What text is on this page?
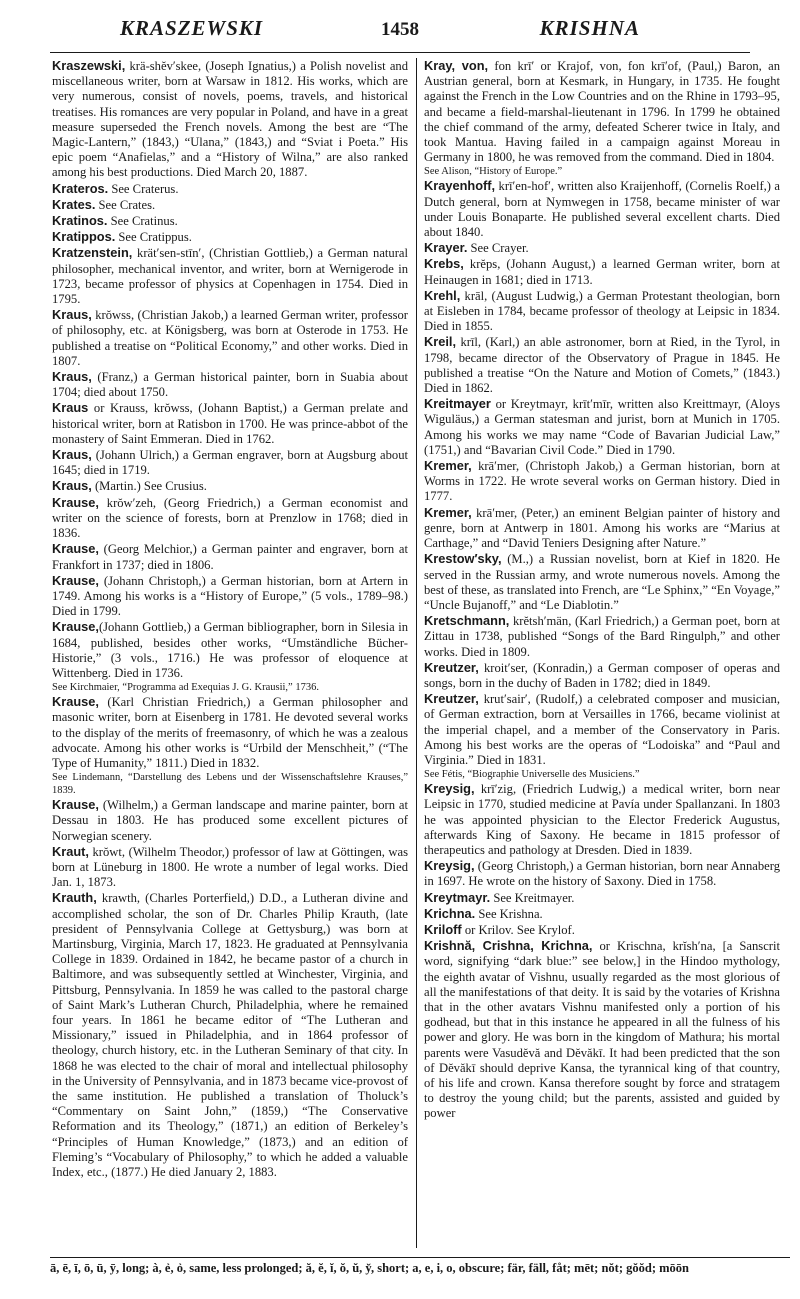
KRASZEWSKI	1458	KRISHNA

Kraszewski, krä-shĕv′skee, (Joseph Ignatius,) a Polish novelist and miscellaneous writer, born at Warsaw in 1812. His works, which are very numerous, consist of novels, poems, travels, and historical treatises. His romances are very popular in Poland, and have in a great measure superseded the French novels. Among the best are “The Magic-Lantern,” (1843,) “Ulana,” (1843,) and “Sviat i Poeta.” His epic poem “Anafielas,” and a “History of Wilna,” are also ranked among his best productions. Died March 20, 1887.

Krateros. See Craterus.

Krates. See Crates.

Kratinos. See Cratinus.

Kratippos. See Cratippus.

Kratzenstein, krät′sen-stīn′, (Christian Gottlieb,) a German natural philosopher, mechanical inventor, and writer, born at Wernigerode in 1723, became professor of physics at Copenhagen in 1754. Died in 1795.

Kraus, krŏwss, (Christian Jakob,) a learned German writer, professor of philosophy, etc. at Königsberg, was born at Osterode in 1753. He published a treatise on “Political Economy,” and other works. Died in 1807.

Kraus, (Franz,) a German historical painter, born in Suabia about 1704; died about 1750.

Kraus or Krauss, krŏwss, (Johann Baptist,) a German prelate and historical writer, born at Ratisbon in 1700. He was prince-abbot of the monastery of Saint Emmeran. Died in 1762.

Kraus, (Johann Ulrich,) a German engraver, born at Augsburg about 1645; died in 1719.

Kraus, (Martin.) See Crusius.

Krause, krŏw′zeh, (Georg Friedrich,) a German economist and writer on the science of forests, born at Prenzlow in 1768; died in 1836.

Krause, (Georg Melchior,) a German painter and engraver, born at Frankfort in 1737; died in 1806.

Krause, (Johann Christoph,) a German historian, born at Artern in 1749. Among his works is a “History of Europe,” (5 vols., 1789–98.) Died in 1799.

Krause,(Johann Gottlieb,) a German bibliographer, born in Silesia in 1684, published, besides other works, “Umständliche Bücher-Historie,” (3 vols., 1716.) He was professor of eloquence at Wittenberg. Died in 1736.

See Kirchmaier, “Programma ad Exequias J. G. Krausii,” 1736.

Krause, (Karl Christian Friedrich,) a German philosopher and masonic writer, born at Eisenberg in 1781. He devoted several works to the display of the merits of freemasonry, of which he was a zealous advocate. Among his other works is “Urbild der Menschheit,” (“The Type of Humanity,” 1811.) Died in 1832.

See Lindemann, “Darstellung des Lebens und der Wissenschaftslehre Krauses,” 1839.

Krause, (Wilhelm,) a German landscape and marine painter, born at Dessau in 1803. He has produced some excellent pictures of Norwegian scenery.

Kraut, krŏwt, (Wilhelm Theodor,) professor of law at Göttingen, was born at Lüneburg in 1800. He wrote a number of legal works. Died Jan. 1, 1873.

Krauth, krawth, (Charles Porterfield,) D.D., a Lutheran divine and accomplished scholar, the son of Dr. Charles Philip Krauth, (late president of Pennsylvania College at Gettysburg,) was born at Martinsburg, Virginia, March 17, 1823. He graduated at Pennsylvania College in 1839. Ordained in 1842, he became pastor of a church in Baltimore, and was subsequently settled at Winchester, Virginia, and Pittsburg, Pennsylvania. In 1859 he was called to the pastoral charge of Saint Mark’s Lutheran Church, Philadelphia, where he remained four years. In 1861 he became editor of “The Lutheran and Missionary,” issued in Philadelphia, and in 1864 professor of theology, church history, etc. in the Lutheran Seminary of that city. In 1868 he was elected to the chair of moral and intellectual philosophy in the University of Pennsylvania, and in 1873 became vice-provost of the same institution. He published a translation of Tholuck’s “Commentary on Saint John,” (1859,) “The Conservative Reformation and its Theology,” (1871,) an edition of Berkeley’s “Principles of Human Knowledge,” (1873,) and an edition of Fleming’s “Vocabulary of Philosophy,” to which he added a valuable Index, etc., (1877.) He died January 2, 1883.

Kray, von, fon krī′ or Krajof, von, fon krī′of, (Paul,) Baron, an Austrian general, born at Kesmark, in Hungary, in 1735. He fought against the French in the Low Countries and on the Rhine in 1793–95, and became a field-marshal-lieutenant in 1796. In 1799 he obtained the chief command of the army, defeated Scherer twice in Italy, and took Mantua. Having failed in a campaign against Moreau in Germany in 1800, he was removed from the command. Died in 1804.

See Alison, “History of Europe.”

Krayenhoff, krī′en-hof′, written also Kraijenhoff, (Cornelis Roelf,) a Dutch general, born at Nymwegen in 1758, became minister of war under Louis Bonaparte. He published several excellent charts. Died about 1840.

Krayer. See Crayer.

Krebs, krĕps, (Johann August,) a learned German writer, born at Heinaugen in 1681; died in 1713.

Krehl, krāl, (August Ludwig,) a German Protestant theologian, born at Eisleben in 1784, became professor of theology at Leipsic in 1834. Died in 1855.

Kreil, krīl, (Karl,) an able astronomer, born at Ried, in the Tyrol, in 1798, became director of the Observatory of Prague in 1845. He published a treatise “On the Nature and Motion of Comets,” (1843.) Died in 1862.

Kreitmayer or Kreytmayr, krīt′mīr, written also Kreittmayr, (Aloys Wiguläus,) a German statesman and jurist, born at Munich in 1705. Among his works we may name “Code of Bavarian Judicial Law,” (1751,) and “Bavarian Civil Code.” Died in 1790.

Kremer, krā′mer, (Christoph Jakob,) a German historian, born at Worms in 1722. He wrote several works on German history. Died in 1777.

Kremer, krā′mer, (Peter,) an eminent Belgian painter of history and genre, born at Antwerp in 1801. Among his works are “Marius at Carthage,” and “David Teniers Designing after Nature.”

Krestow′sky, (M.,) a Russian novelist, born at Kief in 1820. He served in the Russian army, and wrote numerous novels. Among the best of these, as translated into French, are “Le Sphinx,” “En Voyage,” “Uncle Bujanoff,” and “Le Diablotin.”

Kretschmann, krĕtsh′män, (Karl Friedrich,) a German poet, born at Zittau in 1738, published “Songs of the Bard Ringulph,” and other works. Died in 1809.

Kreutzer, kroit′ser, (Konradin,) a German composer of operas and songs, born in the duchy of Baden in 1782; died in 1849.

Kreutzer, krut′sair′, (Rudolf,) a celebrated composer and musician, of German extraction, born at Versailles in 1766, became violinist at the imperial chapel, and a member of the Conservatory in Paris. Among his best works are the operas of “Lodoiska” and “Paul and Virginia.” Died in 1831.

See Fétis, “Biographie Universelle des Musiciens.”

Kreysig, krī′zig, (Friedrich Ludwig,) a medical writer, born near Leipsic in 1770, studied medicine at Pavía under Spallanzani. In 1803 he was appointed physician to the Elector Frederick Augustus, afterwards King of Saxony. He became in 1815 professor of therapeutics and pathology at Dresden. Died in 1839.

Kreysig, (Georg Christoph,) a German historian, born near Annaberg in 1697. He wrote on the history of Saxony. Died in 1758.

Kreytmayr. See Kreitmayer.

Krichna. See Krishna.

Kriloff or Krilov. See Krylof.

Krishnă, Crishna, Krichna, or Krischna, krĭsh′na, [a Sanscrit word, signifying “dark blue:” see below,] in the Hindoo mythology, the eighth avatar of Vishnu, usually regarded as the most glorious of all the manifestations of that deity. It is said by the votaries of Krishna that in the other avatars Vishnu manifested only a portion of his godhead, but that in this instance he appeared in all the fulness of his power and glory. He was born in the kingdom of Mathura; his mortal parents were Vasudĕvă and Dĕvăkī. It had been predicted that the son of Dĕvăkī should deprive Kansa, the tyrannical king of that country, of his life and crown. Kansa therefore sought by force and stratagem to destroy the young child; but the parents, assisted and guided by power

ā, ē, ī, ō, ū, ȳ, long; à, ẻ, ỏ, same, less prolonged; ă, ĕ, ĭ, ŏ, ŭ, y̆, short; a, e, i, o, obscure; fär, fäll, fåt; mēt; nŏt; gŏŏd; mōōn
